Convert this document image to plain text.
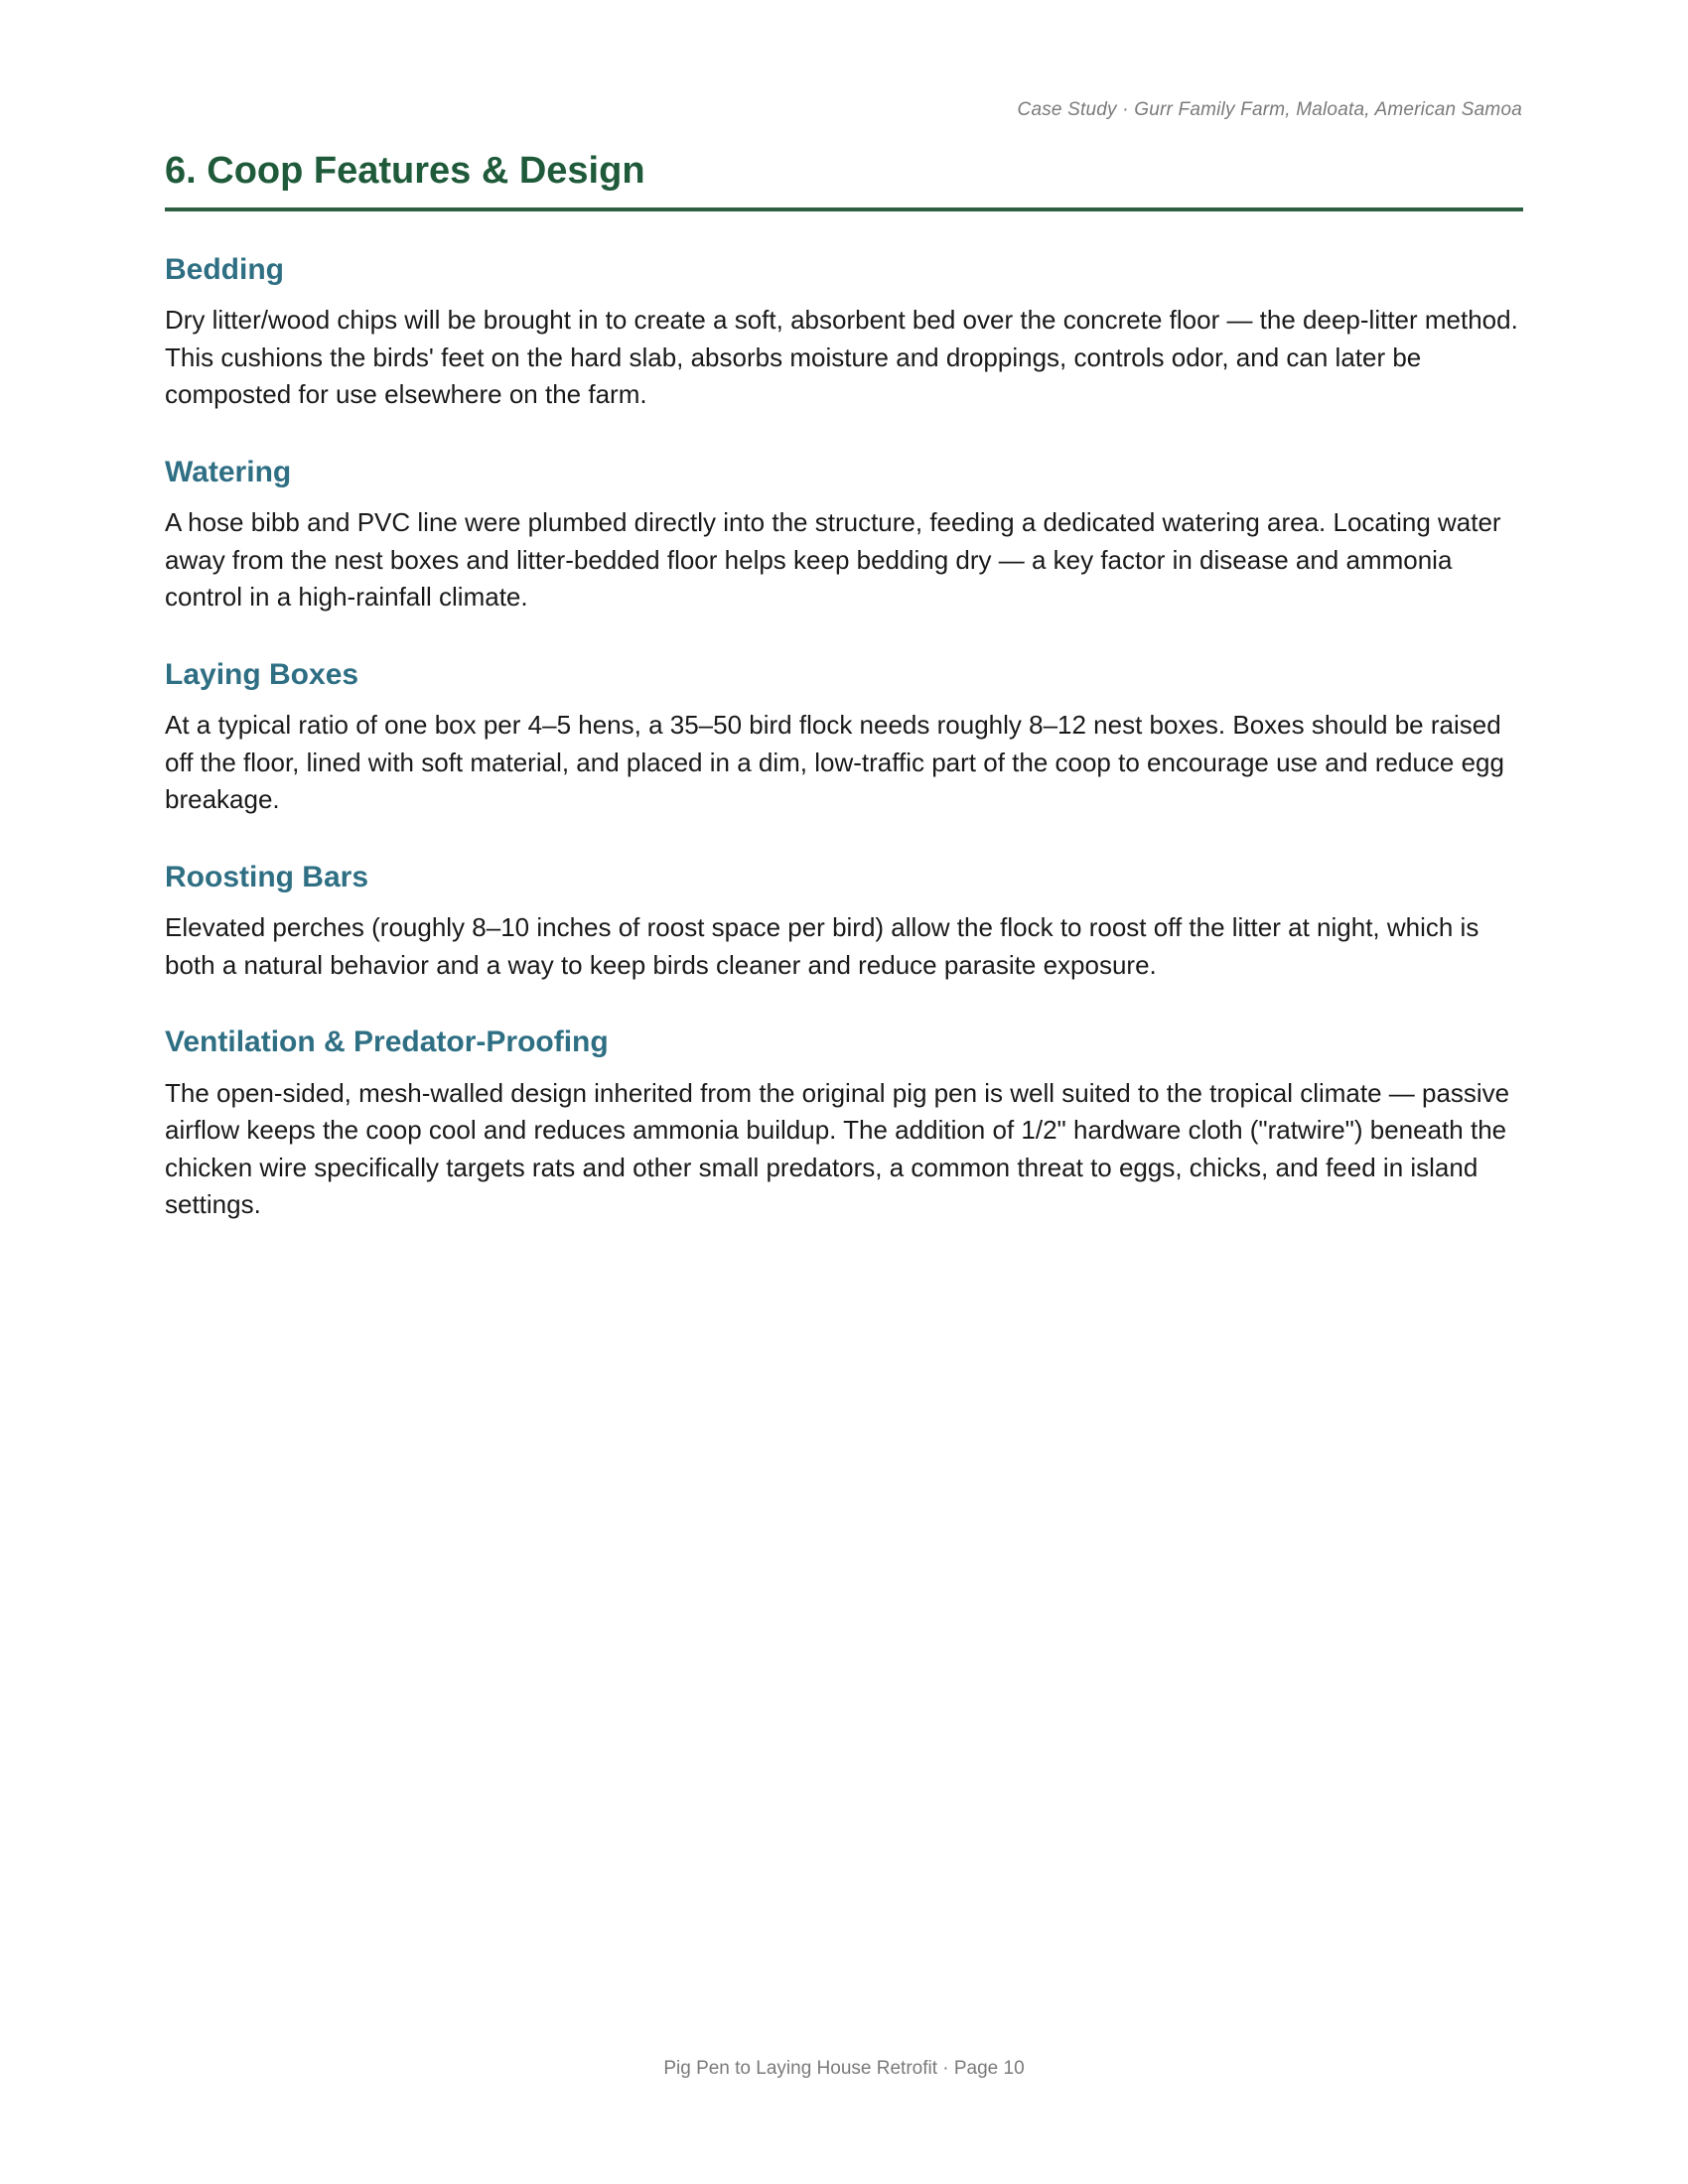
Case Study · Gurr Family Farm, Maloata, American Samoa
6. Coop Features & Design
Bedding

Dry litter/wood chips will be brought in to create a soft, absorbent bed over the concrete floor — the deep-litter method. This cushions the birds' feet on the hard slab, absorbs moisture and droppings, controls odor, and can later be composted for use elsewhere on the farm.

Watering

A hose bibb and PVC line were plumbed directly into the structure, feeding a dedicated watering area. Locating water away from the nest boxes and litter-bedded floor helps keep bedding dry — a key factor in disease and ammonia control in a high-rainfall climate.

Laying Boxes

At a typical ratio of one box per 4–5 hens, a 35–50 bird flock needs roughly 8–12 nest boxes. Boxes should be raised off the floor, lined with soft material, and placed in a dim, low-traffic part of the coop to encourage use and reduce egg breakage.

Roosting Bars

Elevated perches (roughly 8–10 inches of roost space per bird) allow the flock to roost off the litter at night, which is both a natural behavior and a way to keep birds cleaner and reduce parasite exposure.

Ventilation & Predator-Proofing

The open-sided, mesh-walled design inherited from the original pig pen is well suited to the tropical climate — passive airflow keeps the coop cool and reduces ammonia buildup. The addition of 1/2" hardware cloth ("ratwire") beneath the chicken wire specifically targets rats and other small predators, a common threat to eggs, chicks, and feed in island settings.

Pig Pen to Laying House Retrofit · Page 10
